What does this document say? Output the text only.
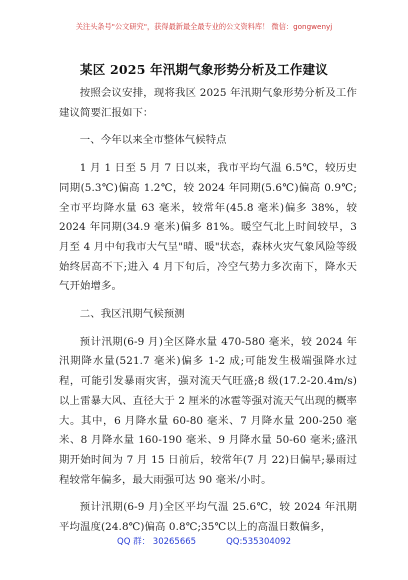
关注头条号"公文研究"，获得最新最全最专业的公文资料库！ 微信：gongwenyj
某区 2025 年汛期气象形势分析及工作建议

按照会议安排，现将我区 2025 年汛期气象形势分析及工作建议简要汇报如下：

一、今年以来全市整体气候特点

1 月 1 日至 5 月 7 日以来，我市平均气温 6.5℃，较历史同期(5.3℃)偏高 1.2℃，较 2024 年同期(5.6℃)偏高 0.9℃;全市平均降水量 63 毫米，较常年(45.8 毫米)偏多 38%，较 2024 年同期(34.9 毫米)偏多 81%。暖空气北上时间较早，3 月至 4 月中旬我市大气呈"晴、暖"状态，森林火灾气象风险等级始终居高不下;进入 4 月下旬后，冷空气势力多次南下，降水天气开始增多。

二、我区汛期气候预测

预计汛期(6-9 月)全区降水量 470-580 毫米，较 2024 年汛期降水量(521.7 毫米)偏多 1-2 成;可能发生极端强降水过程，可能引发暴雨灾害，强对流天气旺盛;8 级(17.2-20.4m/s)以上雷暴大风、直径大于 2 厘米的冰雹等强对流天气出现的概率大。其中，6 月降水量 60-80 毫米、7 月降水量 200-250 毫米、8 月降水量 160-190 毫米、9 月降水量 50-60 毫米;盛汛期开始时间为 7 月 15 日前后，较常年(7 月 22)日偏早;暴雨过程较常年偏多，最大雨强可达 90 毫米/小时。

预计汛期(6-9 月)全区平均气温 25.6℃，较 2024 年汛期平均温度(24.8℃)偏高 0.8℃;35℃以上的高温日数偏多，

QQ 群： 30265665	QQ:535304092
